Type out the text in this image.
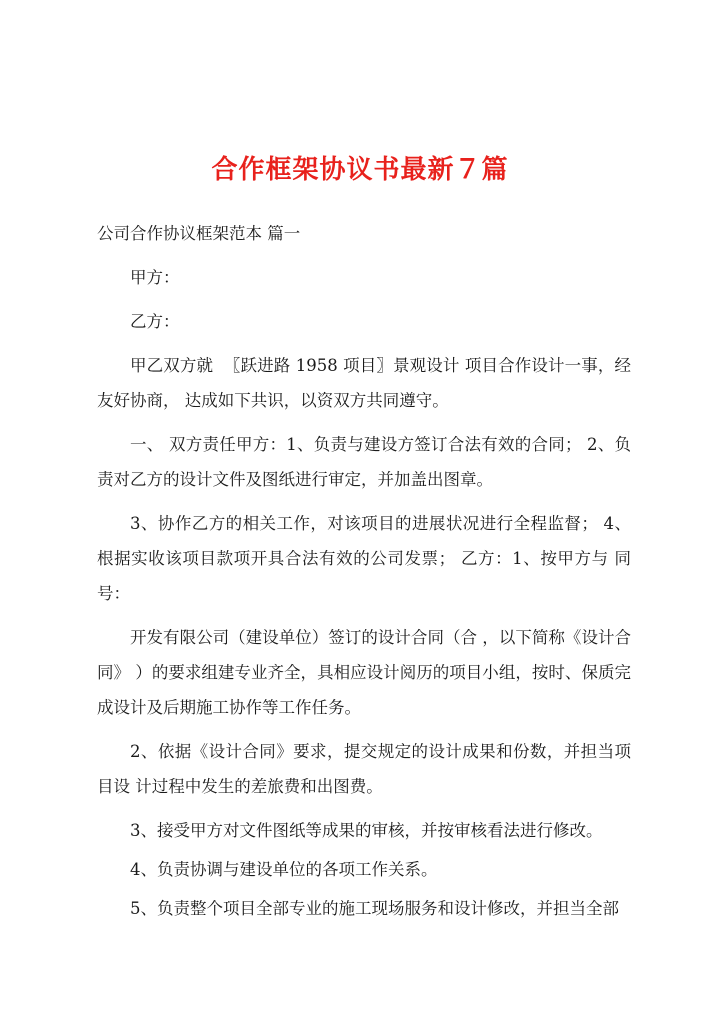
合作框架协议书最新７篇

公司合作协议框架范本 篇一

甲方：

乙方：

甲乙双方就  〖跃进路 1958 项目〗景观设计 项目合作设计一事，经友好协商， 达成如下共识，以资双方共同遵守。

一、 双方责任甲方：1、负责与建设方签订合法有效的合同； 2、负责对乙方的设计文件及图纸进行审定，并加盖出图章。

3、协作乙方的相关工作，对该项目的进展状况进行全程监督； 4、根据实收该项目款项开具合法有效的公司发票； 乙方：1、按甲方与 同号：

开发有限公司（建设单位）签订的设计合同（合 ，以下简称《设计合同》 ）的要求组建专业齐全，具相应设计阅历的项目小组，按时、保质完成设计及后期施工协作等工作任务。

2、依据《设计合同》要求，提交规定的设计成果和份数，并担当项目设 计过程中发生的差旅费和出图费。

3、接受甲方对文件图纸等成果的审核，并按审核看法进行修改。

4、负责协调与建设单位的各项工作关系。

5、负责整个项目全部专业的施工现场服务和设计修改，并担当全部
